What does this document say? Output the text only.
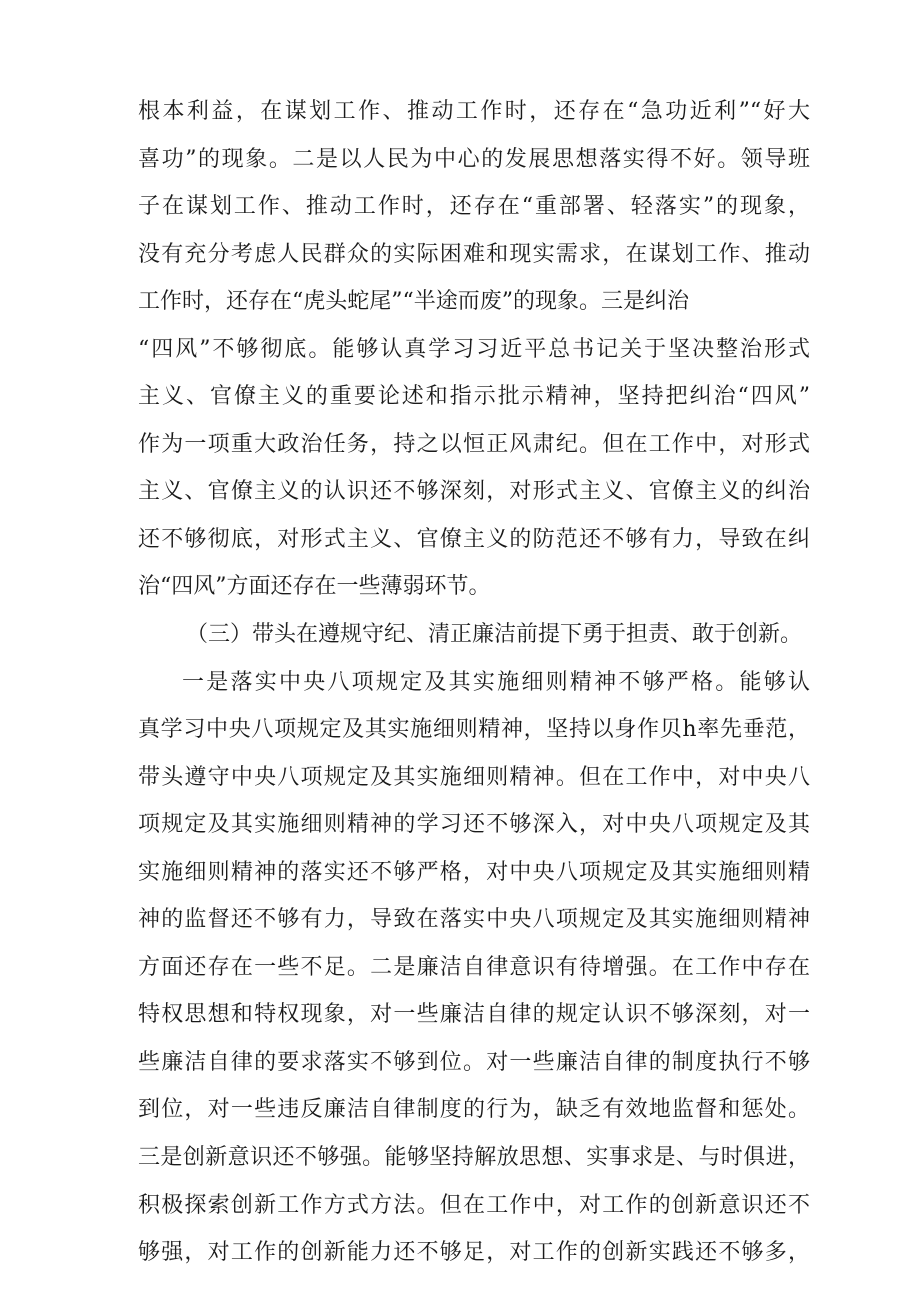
根本利益，在谋划工作、推动工作时，还存在“急功近利”“好大
喜功”的现象。二是以人民为中心的发展思想落实得不好。领导班
子在谋划工作、推动工作时，还存在“重部署、轻落实”的现象，
没有充分考虑人民群众的实际困难和现实需求，在谋划工作、推动
工作时，还存在“虎头蛇尾”“半途而废”的现象。三是纠治
“四风”不够彻底。能够认真学习习近平总书记关于坚决整治形式
主义、官僚主义的重要论述和指示批示精神，坚持把纠治“四风”
作为一项重大政治任务，持之以恒正风肃纪。但在工作中，对形式
主义、官僚主义的认识还不够深刻，对形式主义、官僚主义的纠治
还不够彻底，对形式主义、官僚主义的防范还不够有力，导致在纠
治“四风”方面还存在一些薄弱环节。
（三）带头在遵规守纪、清正廉洁前提下勇于担责、敢于创新。
一是落实中央八项规定及其实施细则精神不够严格。能够认
真学习中央八项规定及其实施细则精神，坚持以身作贝h率先垂范，
带头遵守中央八项规定及其实施细则精神。但在工作中，对中央八
项规定及其实施细则精神的学习还不够深入，对中央八项规定及其
实施细则精神的落实还不够严格，对中央八项规定及其实施细则精
神的监督还不够有力，导致在落实中央八项规定及其实施细则精神
方面还存在一些不足。二是廉洁自律意识有待增强。在工作中存在
特权思想和特权现象，对一些廉洁自律的规定认识不够深刻，对一
些廉洁自律的要求落实不够到位。对一些廉洁自律的制度执行不够
到位，对一些违反廉洁自律制度的行为，缺乏有效地监督和惩处。
三是创新意识还不够强。能够坚持解放思想、实事求是、与时俱进，
积极探索创新工作方式方法。但在工作中，对工作的创新意识还不
够强，对工作的创新能力还不够足，对工作的创新实践还不够多，
